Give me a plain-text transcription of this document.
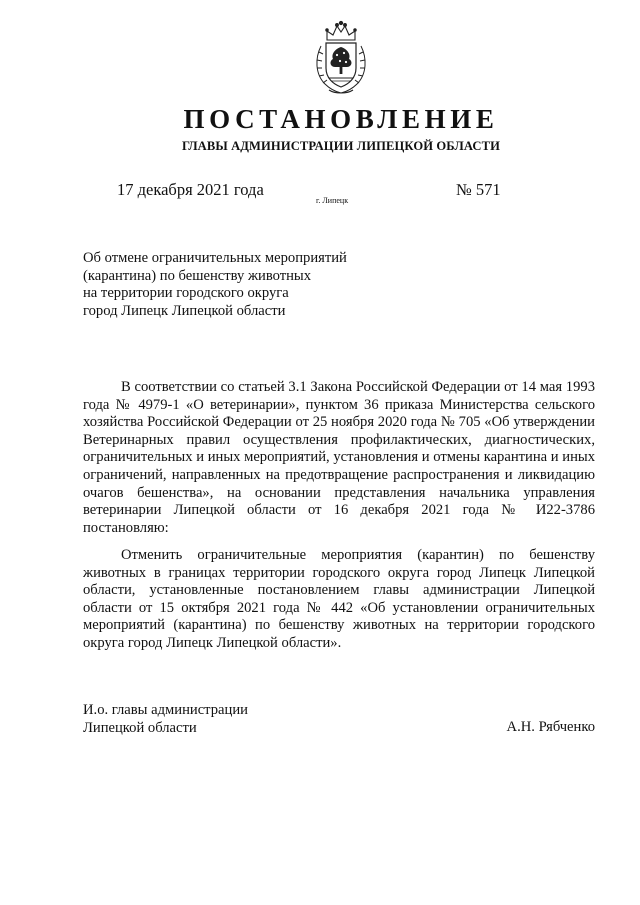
ПОСТАНОВЛЕНИЕ
ГЛАВЫ АДМИНИСТРАЦИИ ЛИПЕЦКОЙ ОБЛАСТИ
17 декабря 2021 года
г. Липецк
№ 571
Об отмене ограничительных мероприятий
(карантина) по бешенству животных
на территории городского округа
город Липецк Липецкой области

В соответствии со статьей 3.1 Закона Российской Федерации от 14 мая 1993 года № 4979-1 «О ветеринарии», пунктом 36 приказа Министерства сельского хозяйства Российской Федерации от 25 ноября 2020 года № 705 «Об утверждении Ветеринарных правил осуществления профилактических, диагностических, ограничительных и иных мероприятий, установления и отмены карантина и иных ограничений, направленных на предотвращение распространения и ликвидацию очагов бешенства», на основании представления начальника управления ветеринарии Липецкой области от 16 декабря 2021 года № И22-3786 постановляю:

Отменить ограничительные мероприятия (карантин) по бешенству животных в границах территории городского округа город Липецк Липецкой области, установленные постановлением главы администрации Липецкой области от 15 октября 2021 года № 442 «Об установлении ограничительных мероприятий (карантина) по бешенству животных на территории городского округа город Липецк Липецкой области».

И.о. главы администрации
Липецкой области	А.Н. Рябченко
